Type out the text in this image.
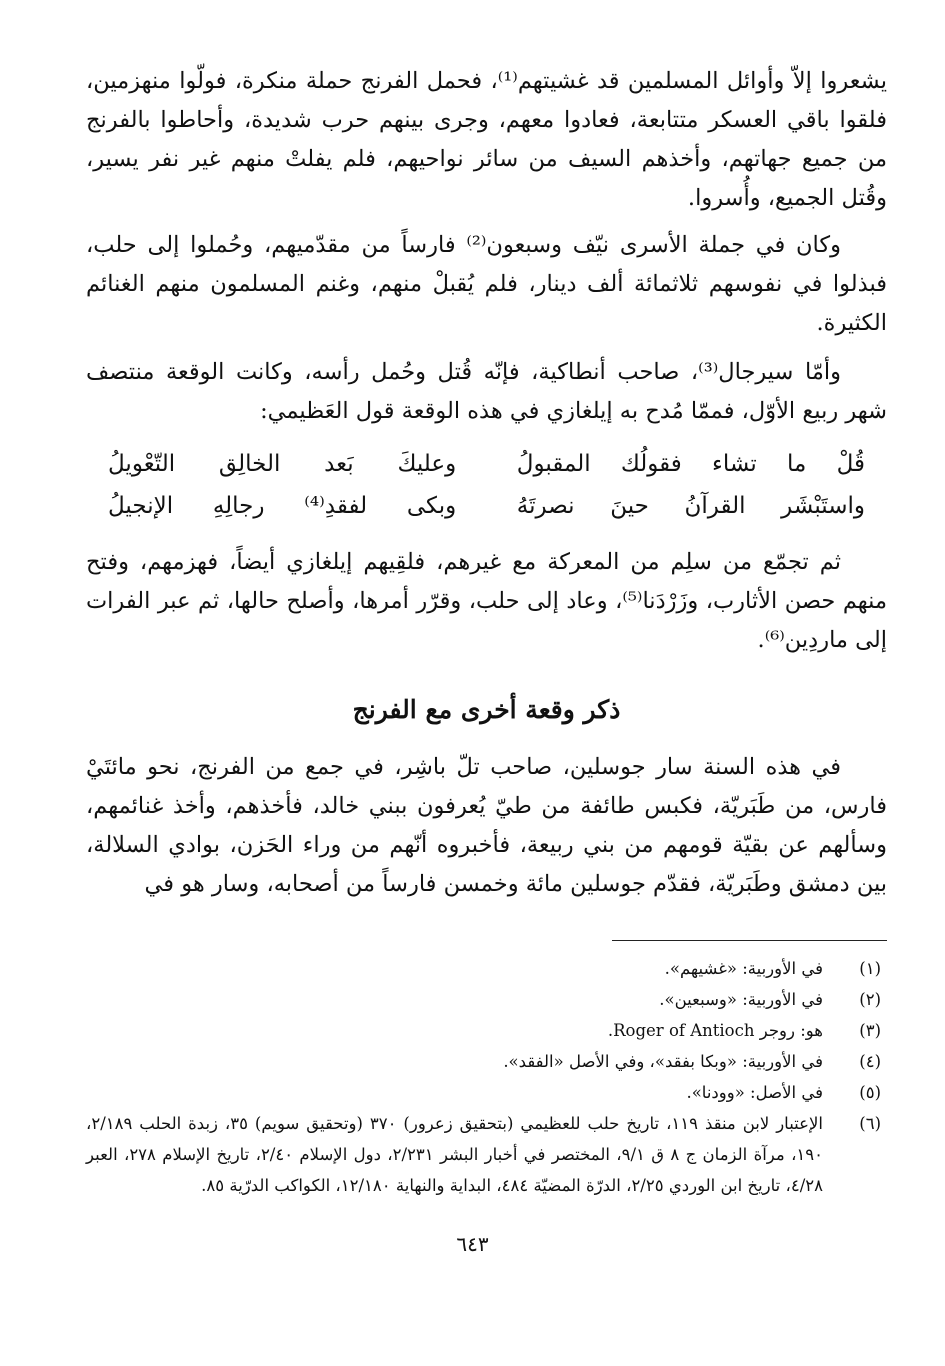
يشعروا إلاّ وأوائل المسلمين قد غشيتهم⁽¹⁾، فحمل الفرنج حملة منكرة، فولّوا منهزمين، فلقوا باقي العسكر متتابعة، فعادوا معهم، وجرى بينهم حرب شديدة، وأحاطوا بالفرنج من جميع جهاتهم، وأخذهم السيف من سائر نواحيهم، فلم يفلتْ منهم غير نفر يسير، وقُتل الجميع، وأُسروا.

وكان في جملة الأسرى نيّف وسبعون⁽²⁾ فارساً من مقدّميهم، وحُملوا إلى حلب، فبذلوا في نفوسهم ثلاثمائة ألف دينار، فلم يُقبلْ منهم، وغنم المسلمون منهم الغنائم الكثيرة.

وأمّا سيرجال⁽³⁾، صاحب أنطاكية، فإنّه قُتل وحُمل رأسه، وكانت الوقعة منتصف شهر ربيع الأوّل، فممّا مُدح به إيلغازي في هذه الوقعة قول العَظيمي:

قُلْ ما تشاء فقولُك المقبولُ
وعليكَ بَعد الخالِق التّعْويلُ
واستَبْشَر القرآنُ حينَ نصرتَهُ
وبكى لفقدِ⁽⁴⁾ رجالِهِ الإنجيلُ

ثم تجمّع من سلِم من المعركة مع غيرهم، فلقِيهم إيلغازي أيضاً، فهزمهم، وفتح منهم حصن الأثارب، وزَرْدَنا⁽⁵⁾، وعاد إلى حلب، وقرّر أمرها، وأصلح حالها، ثم عبر الفرات إلى ماردِين⁽⁶⁾.

ذكر وقعة أخرى مع الفرنج

في هذه السنة سار جوسلين، صاحب تلّ باشِر، في جمع من الفرنج، نحو مائتَيْ فارس، من طَبَريّة، فكبس طائفة من طيّ يُعرفون ببني خالد، فأخذهم، وأخذ غنائمهم، وسألهم عن بقيّة قومهم من بني ربيعة، فأخبروه أنّهم من وراء الحَزن، بوادي السلالة، بين دمشق وطَبَريّة، فقدّم جوسلين مائة وخمسن فارساً من أصحابه، وسار هو في

(١)
في الأوربية: «غشيهم».
(٢)
في الأوربية: «وسبعين».
(٣)
هو: روجر Roger of Antioch.
(٤)
في الأوربية: «وبكا بفقد»، وفي الأصل «الفقد».
(٥)
في الأصل: «وودنا».
(٦)
الإعتبار لابن منقذ ١١٩، تاريخ حلب للعظيمي (بتحقيق زعرور) ٣٧٠ (وتحقيق سويم) ٣٥، زبدة الحلب ٢/١٨٩، ١٩٠، مرآة الزمان ج ٨ ق ٩/١، المختصر في أخبار البشر ٢/٢٣١، دول الإسلام ٢/٤٠، تاريخ الإسلام ٢٧٨، العبر ٤/٢٨، تاريخ ابن الوردي ٢/٢٥، الدرّة المضيّة ٤٨٤، البداية والنهاية ١٢/١٨٠، الكواكب الدرّية ٨٥.
٦٤٣
